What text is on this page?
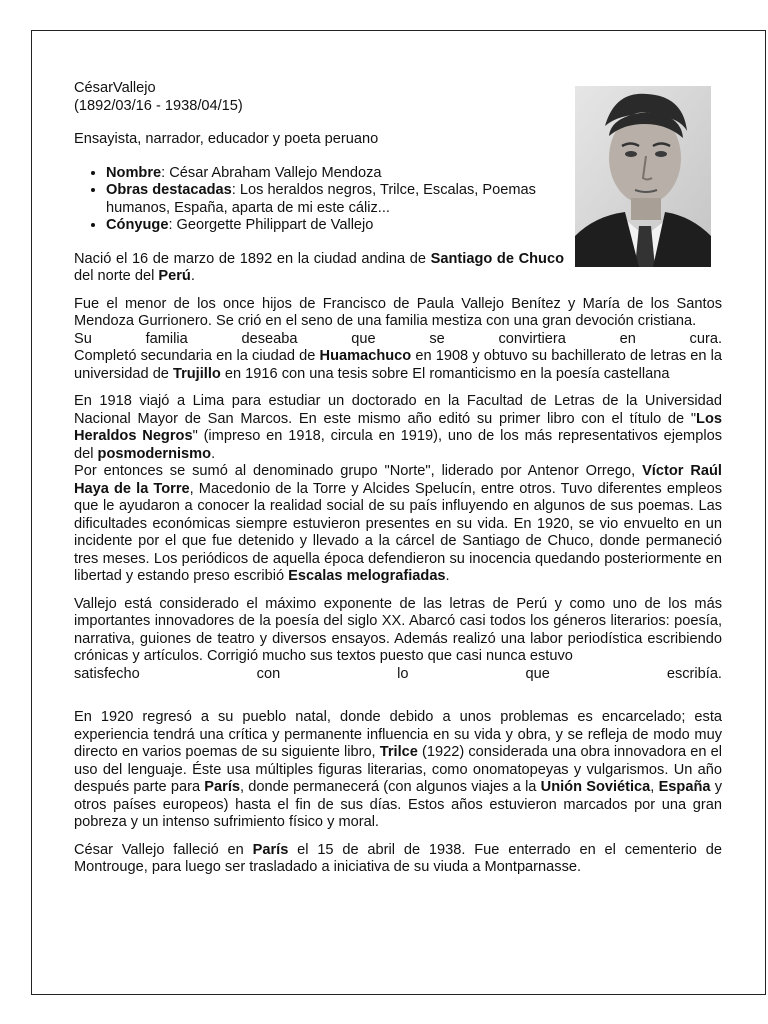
CésarVallejo

(1892/03/16 - 1938/04/15)

Ensayista, narrador, educador y poeta peruano

• Nombre: César Abraham Vallejo Mendoza
• Obras destacadas: Los heraldos negros, Trilce, Escalas, Poemas humanos, España, aparta de mi este cáliz...
• Cónyuge: Georgette Philippart de Vallejo

Nació el 16 de marzo de 1892 en la ciudad andina de Santiago de Chuco del norte del Perú.

Fue el menor de los once hijos de Francisco de Paula Vallejo Benítez y María de los Santos Mendoza Gurrionero. Se crió en el seno de una familia mestiza con una gran devoción cristiana.

Su familia deseaba que se convirtiera en cura.

Completó secundaria en la ciudad de Huamachuco en 1908 y obtuvo su bachillerato de letras en la universidad de Trujillo en 1916 con una tesis sobre El romanticismo en la poesía castellana

En 1918 viajó a Lima para estudiar un doctorado en la Facultad de Letras de la Universidad Nacional Mayor de San Marcos. En este mismo año editó su primer libro con el título de "Los Heraldos Negros" (impreso en 1918, circula en 1919), uno de los más representativos ejemplos del posmodernismo.

Por entonces se sumó al denominado grupo "Norte", liderado por Antenor Orrego, Víctor Raúl Haya de la Torre, Macedonio de la Torre y Alcides Spelucín, entre otros. Tuvo diferentes empleos que le ayudaron a conocer la realidad social de su país influyendo en algunos de sus poemas. Las dificultades económicas siempre estuvieron presentes en su vida. En 1920, se vio envuelto en un incidente por el que fue detenido y llevado a la cárcel de Santiago de Chuco, donde permaneció tres meses. Los periódicos de aquella época defendieron su inocencia quedando posteriormente en libertad y estando preso escribió Escalas melografiadas.

Vallejo está considerado el máximo exponente de las letras de Perú y como uno de los más importantes innovadores de la poesía del siglo XX. Abarcó casi todos los géneros literarios: poesía, narrativa, guiones de teatro y diversos ensayos. Además realizó una labor periodística escribiendo crónicas y artículos. Corrigió mucho sus textos puesto que casi nunca estuvo

satisfecho con lo que escribía.

En 1920 regresó a su pueblo natal, donde debido a unos problemas es encarcelado; esta experiencia tendrá una crítica y permanente influencia en su vida y obra, y se refleja de modo muy directo en varios poemas de su siguiente libro, Trilce (1922) considerada una obra innovadora en el uso del lenguaje. Éste usa múltiples figuras literarias, como onomatopeyas y vulgarismos. Un año después parte para París, donde permanecerá (con algunos viajes a la Unión Soviética, España y otros países europeos) hasta el fin de sus días. Estos años estuvieron marcados por una gran pobreza y un intenso sufrimiento físico y moral.

César Vallejo falleció en París el 15 de abril de 1938. Fue enterrado en el cementerio de Montrouge, para luego ser trasladado a iniciativa de su viuda a Montparnasse.
